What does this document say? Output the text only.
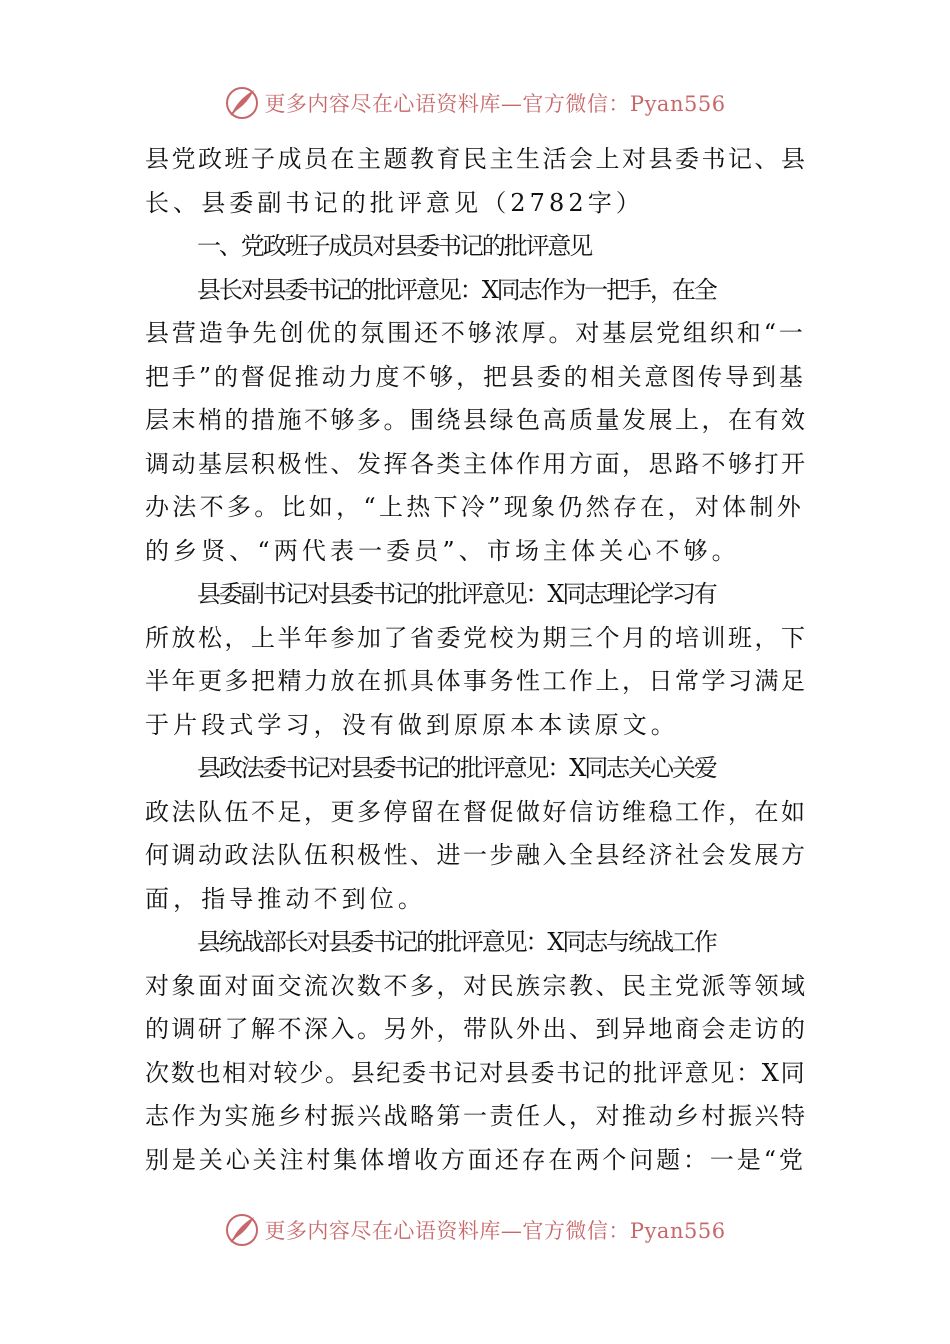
更多内容尽在心语资料库—官方微信：Pyan556
县党政班子成员在主题教育民主生活会上对县委书记、县
长、县委副书记的批评意见（2782字）
一、党政班子成员对县委书记的批评意见
县长对县委书记的批评意见：X同志作为一把手，在全
县营造争先创优的氛围还不够浓厚。对基层党组织和“一
把手”的督促推动力度不够，把县委的相关意图传导到基
层末梢的措施不够多。围绕县绿色高质量发展上，在有效
调动基层积极性、发挥各类主体作用方面，思路不够打开
办法不多。比如，“上热下冷”现象仍然存在，对体制外
的乡贤、“两代表一委员”、市场主体关心不够。
县委副书记对县委书记的批评意见：X同志理论学习有
所放松，上半年参加了省委党校为期三个月的培训班，下
半年更多把精力放在抓具体事务性工作上，日常学习满足
于片段式学习，没有做到原原本本读原文。
县政法委书记对县委书记的批评意见：X同志关心关爱
政法队伍不足，更多停留在督促做好信访维稳工作，在如
何调动政法队伍积极性、进一步融入全县经济社会发展方
面，指导推动不到位。
县统战部长对县委书记的批评意见：X同志与统战工作
对象面对面交流次数不多，对民族宗教、民主党派等领域
的调研了解不深入。另外，带队外出、到异地商会走访的
次数也相对较少。县纪委书记对县委书记的批评意见：X同
志作为实施乡村振兴战略第一责任人，对推动乡村振兴特
别是关心关注村集体增收方面还存在两个问题：一是“党
更多内容尽在心语资料库—官方微信：Pyan556
